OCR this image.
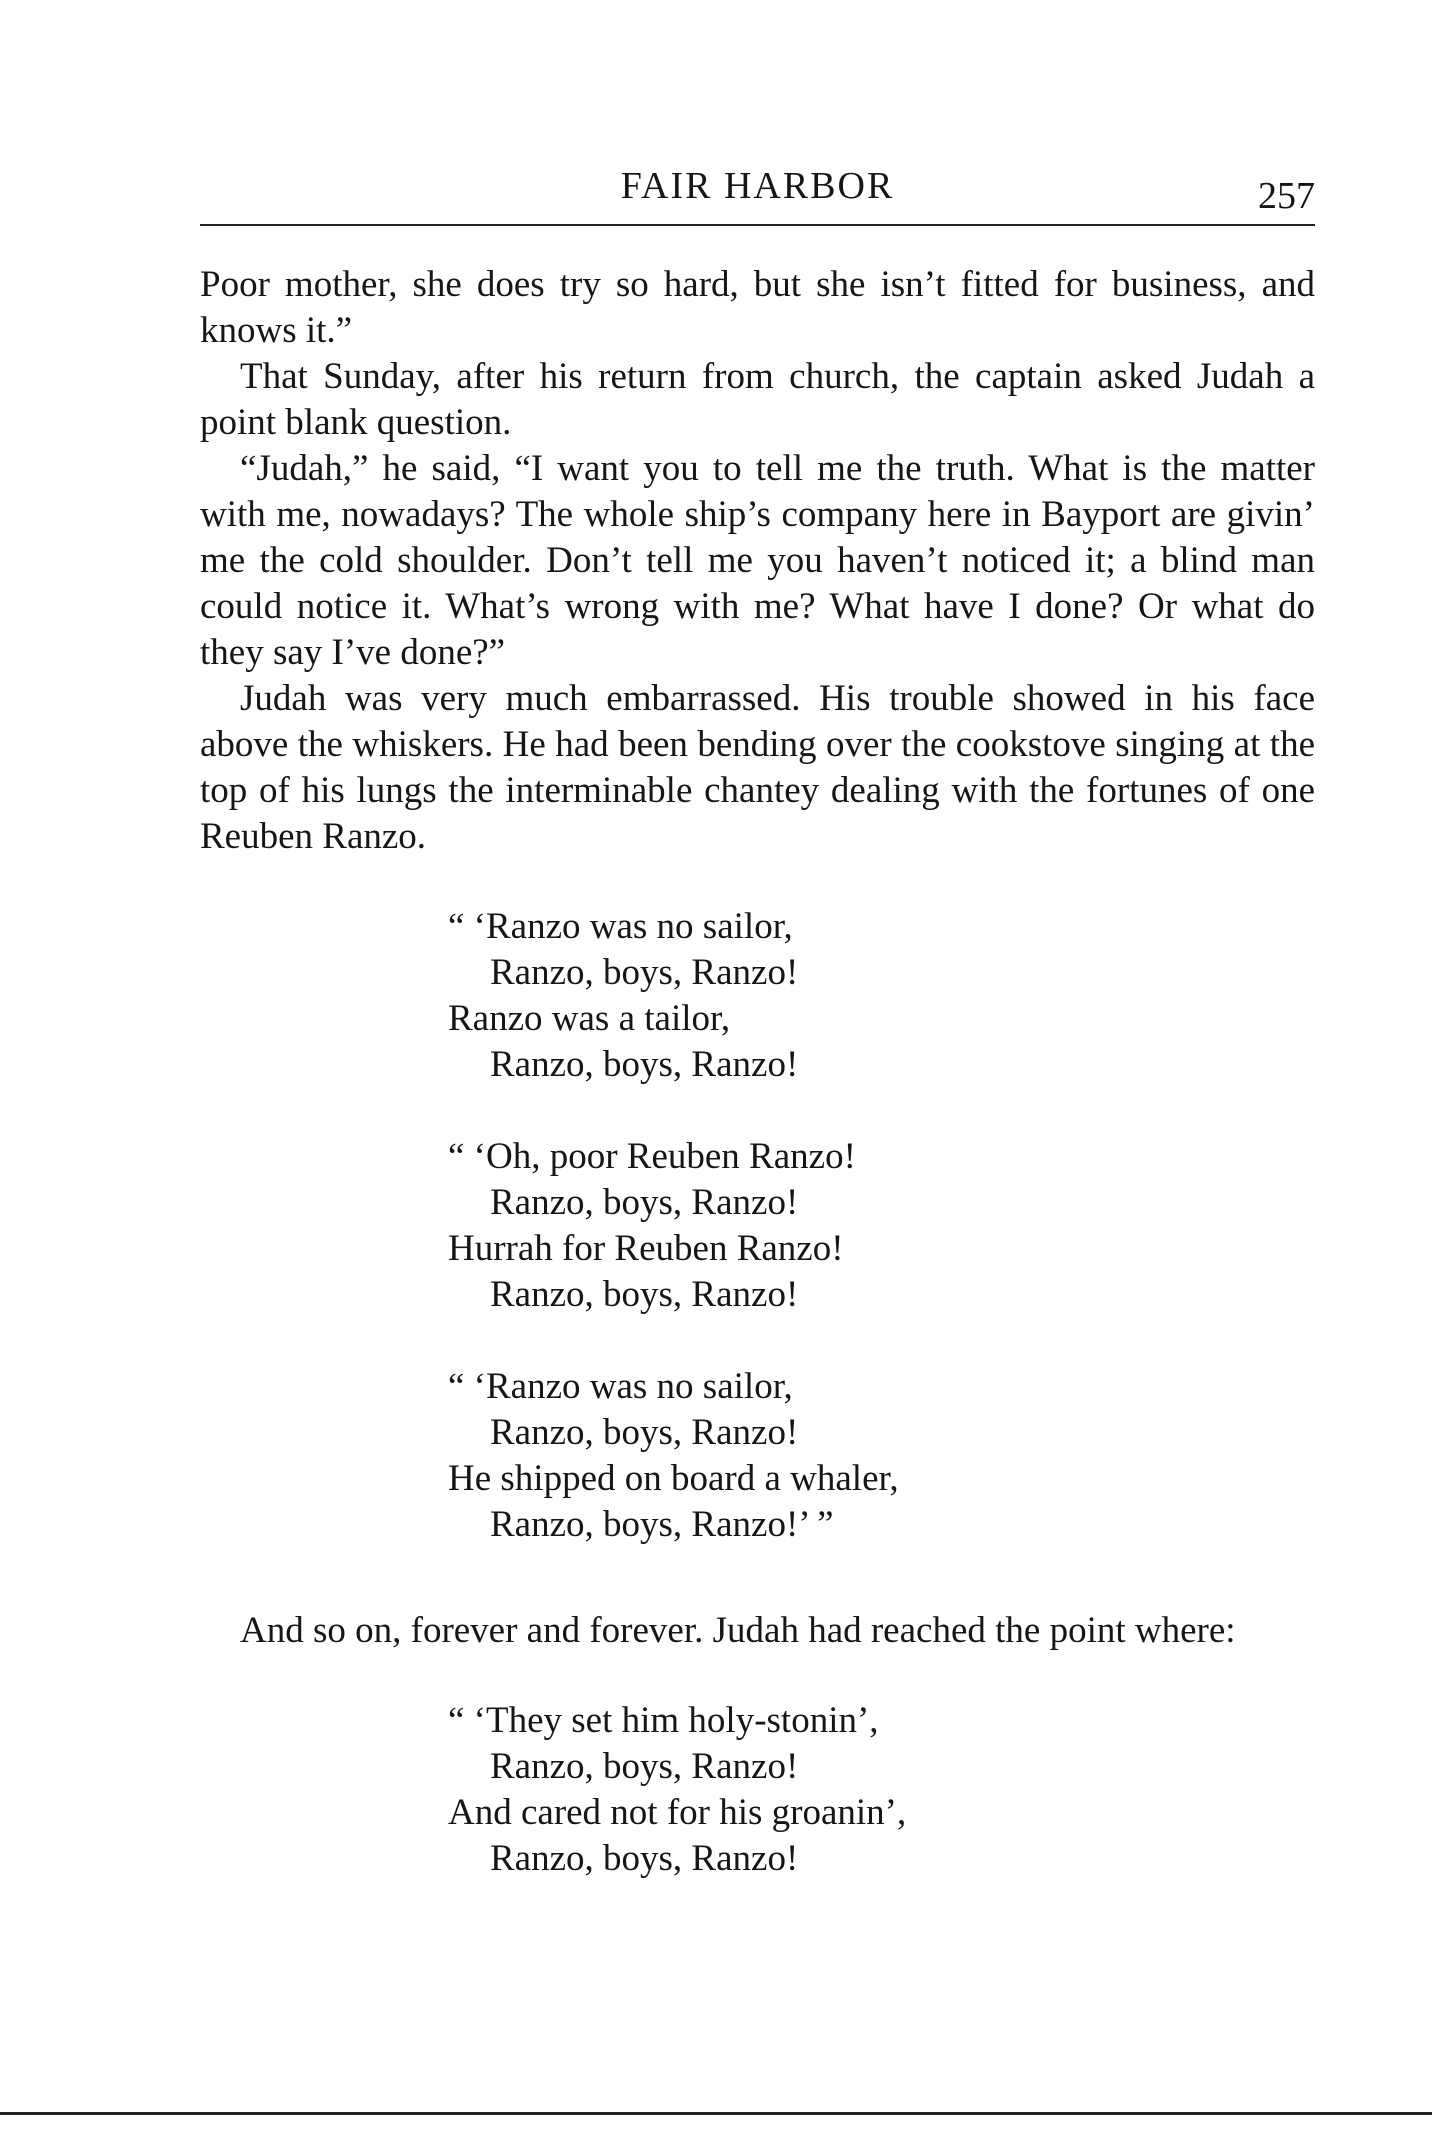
FAIR HARBOR	257

Poor mother, she does try so hard, but she isn’t fitted for business, and knows it.”

That Sunday, after his return from church, the captain asked Judah a point blank question.

“Judah,” he said, “I want you to tell me the truth. What is the matter with me, nowadays? The whole ship’s company here in Bayport are givin’ me the cold shoulder. Don’t tell me you haven’t noticed it; a blind man could notice it. What’s wrong with me? What have I done? Or what do they say I’ve done?”

Judah was very much embarrassed. His trouble showed in his face above the whiskers. He had been bending over the cookstove singing at the top of his lungs the interminable chantey dealing with the fortunes of one Reuben Ranzo.

“ ‘Ranzo was no sailor,
Ranzo, boys, Ranzo!
Ranzo was a tailor,
Ranzo, boys, Ranzo!
“ ‘Oh, poor Reuben Ranzo!
Ranzo, boys, Ranzo!
Hurrah for Reuben Ranzo!
Ranzo, boys, Ranzo!
“ ‘Ranzo was no sailor,
Ranzo, boys, Ranzo!
He shipped on board a whaler,
Ranzo, boys, Ranzo!’ ”

And so on, forever and forever. Judah had reached the point where:

“ ‘They set him holy-stonin’,
Ranzo, boys, Ranzo!
And cared not for his groanin’,
Ranzo, boys, Ranzo!
